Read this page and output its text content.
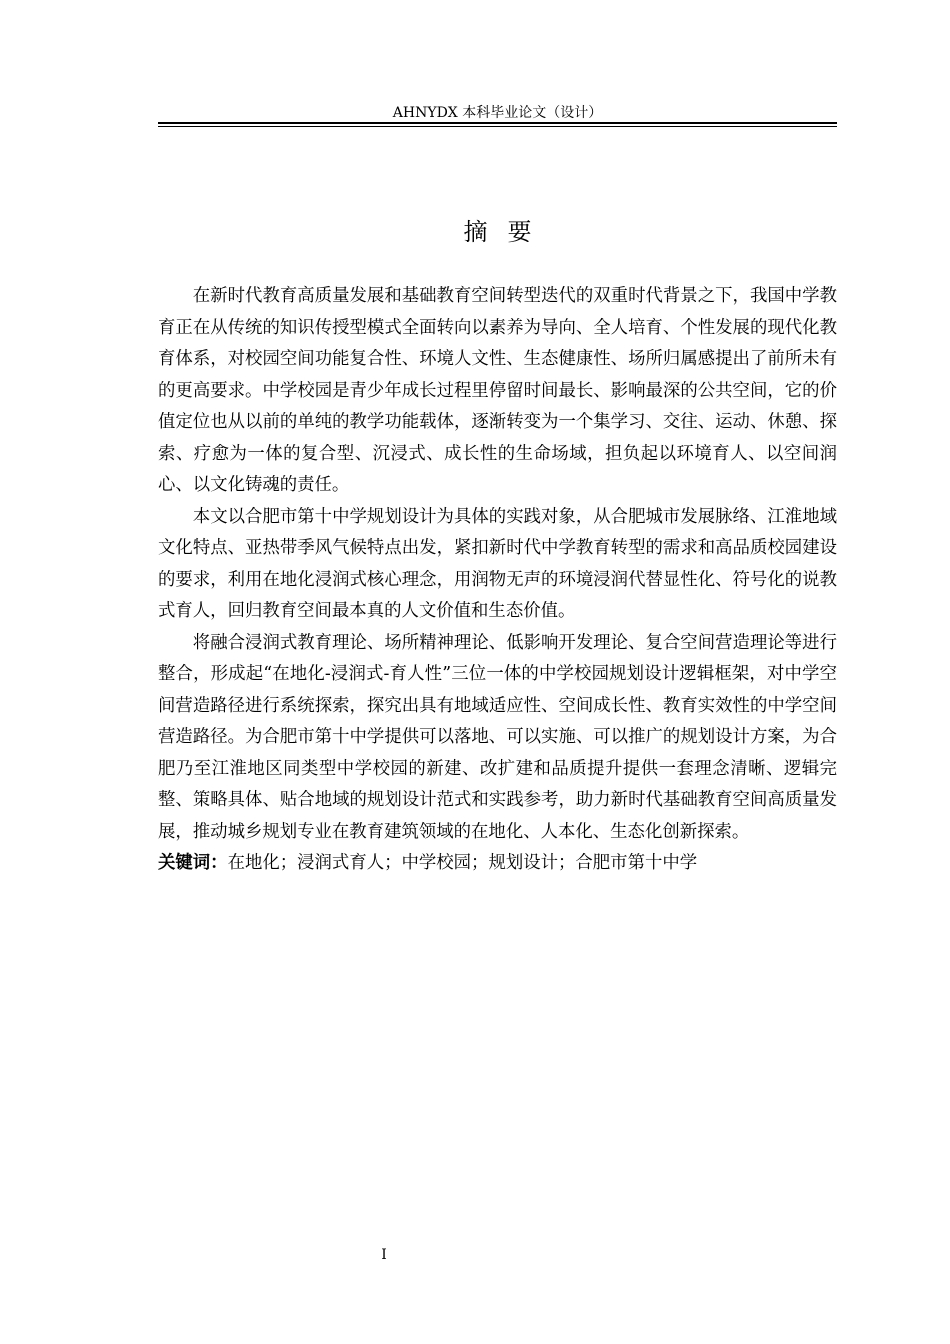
AHNYDX 本科毕业论文（设计）
摘要

在新时代教育高质量发展和基础教育空间转型迭代的双重时代背景之下，我国中学教育正在从传统的知识传授型模式全面转向以素养为导向、全人培育、个性发展的现代化教育体系，对校园空间功能复合性、环境人文性、生态健康性、场所归属感提出了前所未有的更高要求。中学校园是青少年成长过程里停留时间最长、影响最深的公共空间，它的价值定位也从以前的单纯的教学功能载体，逐渐转变为一个集学习、交往、运动、休憩、探索、疗愈为一体的复合型、沉浸式、成长性的生命场域，担负起以环境育人、以空间润心、以文化铸魂的责任。

本文以合肥市第十中学规划设计为具体的实践对象，从合肥城市发展脉络、江淮地域文化特点、亚热带季风气候特点出发，紧扣新时代中学教育转型的需求和高品质校园建设的要求，利用在地化浸润式核心理念，用润物无声的环境浸润代替显性化、符号化的说教式育人，回归教育空间最本真的人文价值和生态价值。

将融合浸润式教育理论、场所精神理论、低影响开发理论、复合空间营造理论等进行整合，形成起“在地化-浸润式-育人性”三位一体的中学校园规划设计逻辑框架，对中学空间营造路径进行系统探索，探究出具有地域适应性、空间成长性、教育实效性的中学空间营造路径。为合肥市第十中学提供可以落地、可以实施、可以推广的规划设计方案，为合肥乃至江淮地区同类型中学校园的新建、改扩建和品质提升提供一套理念清晰、逻辑完整、策略具体、贴合地域的规划设计范式和实践参考，助力新时代基础教育空间高质量发展，推动城乡规划专业在教育建筑领域的在地化、人本化、生态化创新探索。

关键词：在地化；浸润式育人；中学校园；规划设计；合肥市第十中学

I
